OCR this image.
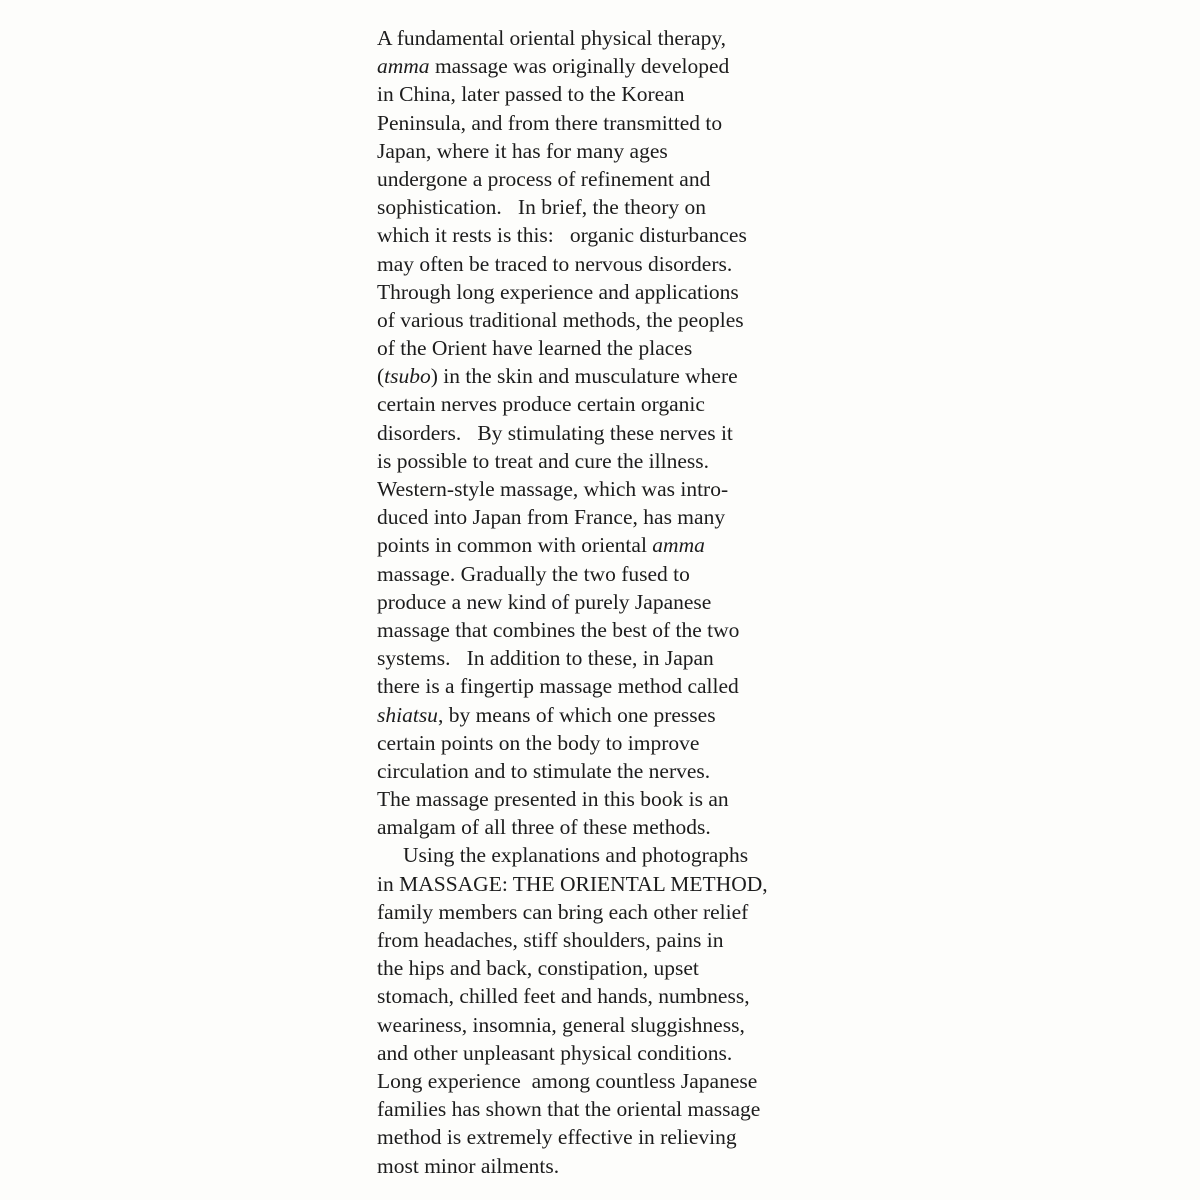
A fundamental oriental physical therapy,
amma massage was originally developed
in China, later passed to the Korean
Peninsula, and from there transmitted to
Japan, where it has for many ages
undergone a process of refinement and
sophistication.   In brief, the theory on
which it rests is this:   organic disturbances
may often be traced to nervous disorders.
Through long experience and applications
of various traditional methods, the peoples
of the Orient have learned the places
(tsubo) in the skin and musculature where
certain nerves produce certain organic
disorders.   By stimulating these nerves it
is possible to treat and cure the illness.
Western-style massage, which was intro-
duced into Japan from France, has many
points in common with oriental amma
massage. Gradually the two fused to
produce a new kind of purely Japanese
massage that combines the best of the two
systems.   In addition to these, in Japan
there is a fingertip massage method called
shiatsu, by means of which one presses
certain points on the body to improve
circulation and to stimulate the nerves.
The massage presented in this book is an
amalgam of all three of these methods.
Using the explanations and photographs
in MASSAGE: THE ORIENTAL METHOD,
family members can bring each other relief
from headaches, stiff shoulders, pains in
the hips and back, constipation, upset
stomach, chilled feet and hands, numbness,
weariness, insomnia, general sluggishness,
and other unpleasant physical conditions.
Long experience  among countless Japanese
families has shown that the oriental massage
method is extremely effective in relieving
most minor ailments.
